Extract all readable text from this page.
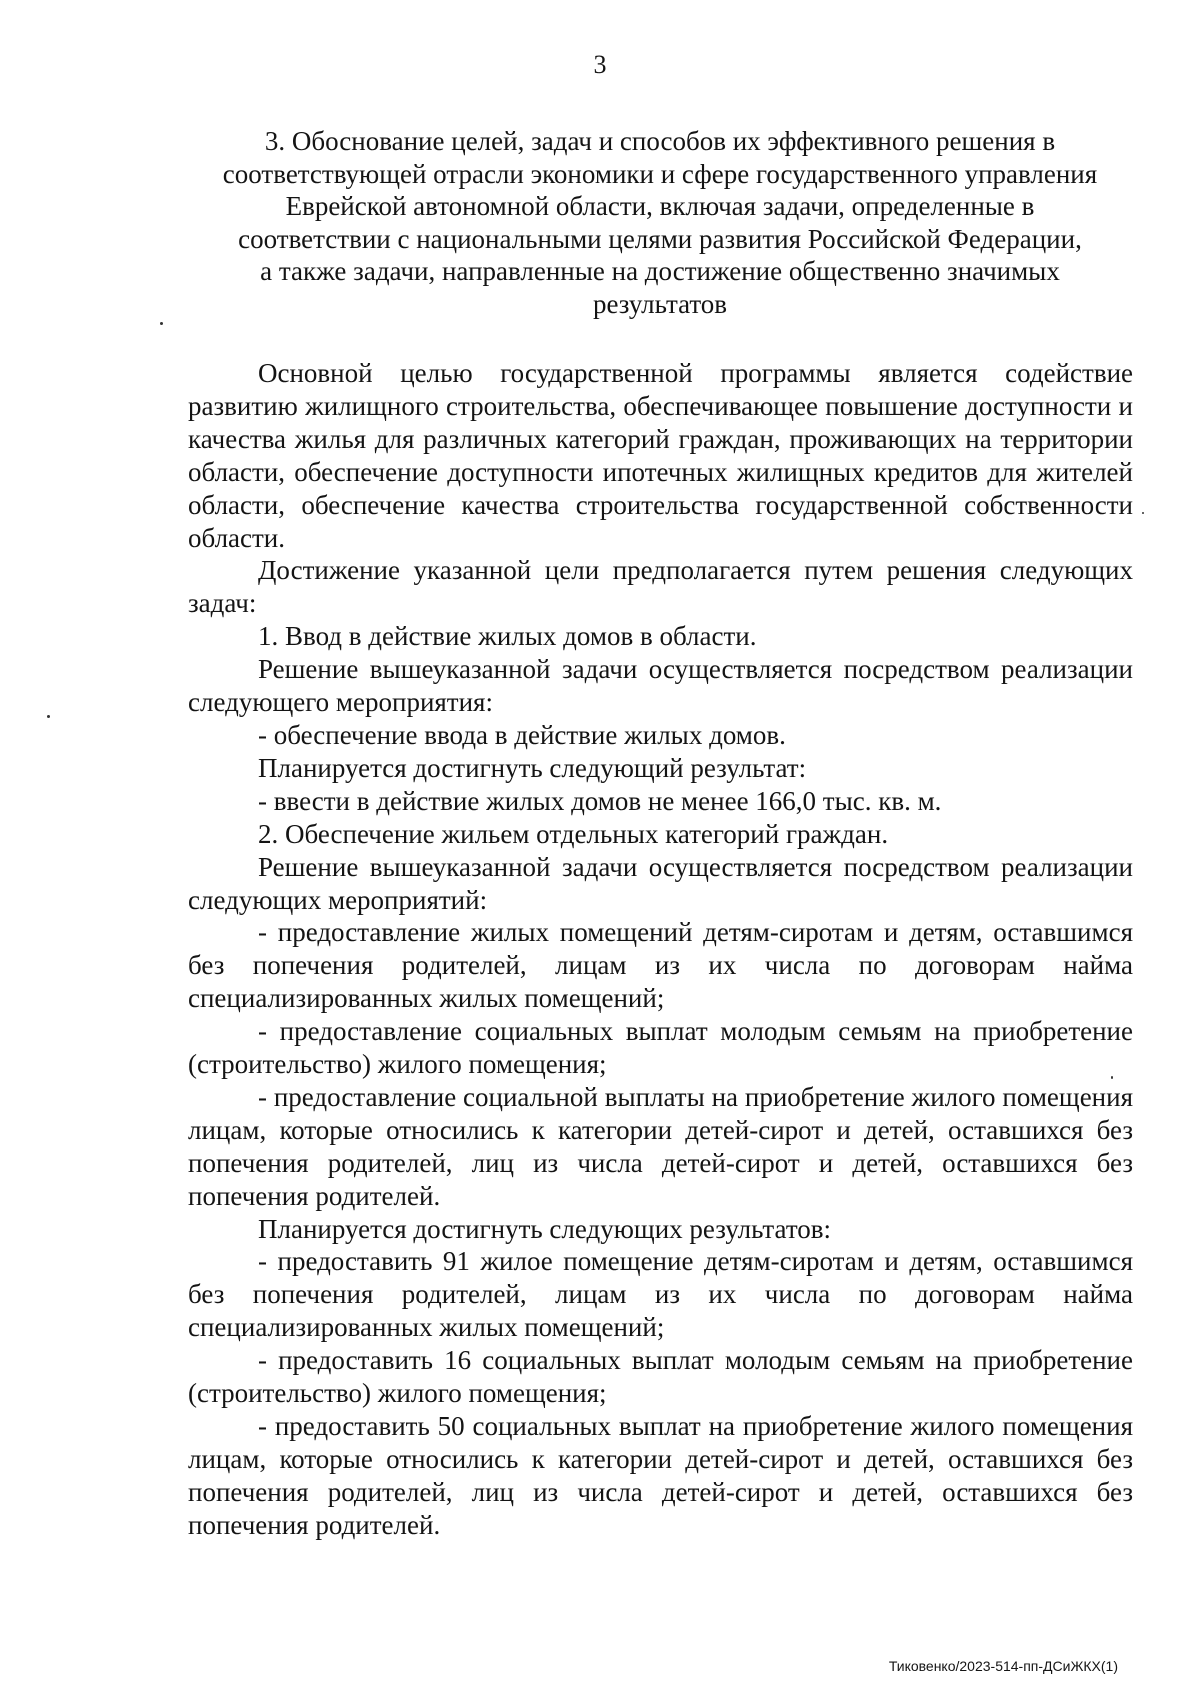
3
3. Обоснование целей, задач и способов их эффективного решения в
соответствующей отрасли экономики и сфере государственного управления
Еврейской автономной области, включая задачи, определенные в
соответствии с национальными целями развития Российской Федерации,
а также задачи, направленные на достижение общественно значимых
результатов

Основной целью государственной программы является содействие развитию жилищного строительства, обеспечивающее повышение доступности и качества жилья для различных категорий граждан, проживающих на территории области, обеспечение доступности ипотечных жилищных кредитов для жителей области, обеспечение качества строительства государственной собственности области.

Достижение указанной цели предполагается путем решения следующих задач:

1. Ввод в действие жилых домов в области.

Решение вышеуказанной задачи осуществляется посредством реализации следующего мероприятия:

- обеспечение ввода в действие жилых домов.

Планируется достигнуть следующий результат:

- ввести в действие жилых домов не менее 166,0 тыс. кв. м.

2. Обеспечение жильем отдельных категорий граждан.

Решение вышеуказанной задачи осуществляется посредством реализации следующих мероприятий:

- предоставление жилых помещений детям-сиротам и детям, оставшимся без попечения родителей, лицам из их числа по договорам найма специализированных жилых помещений;

- предоставление социальных выплат молодым семьям на приобретение (строительство) жилого помещения;

- предоставление социальной выплаты на приобретение жилого помещения лицам, которые относились к категории детей-сирот и детей, оставшихся без попечения родителей, лиц из числа детей-сирот и детей, оставшихся без попечения родителей.

Планируется достигнуть следующих результатов:

- предоставить 91 жилое помещение детям-сиротам и детям, оставшимся без попечения родителей, лицам из их числа по договорам найма специализированных жилых помещений;

- предоставить 16 социальных выплат молодым семьям на приобретение (строительство) жилого помещения;

- предоставить 50 социальных выплат на приобретение жилого помещения лицам, которые относились к категории детей-сирот и детей, оставшихся без попечения родителей, лиц из числа детей-сирот и детей, оставшихся без попечения родителей.

Тиковенко/2023-514-пп-ДСиЖКХ(1)
